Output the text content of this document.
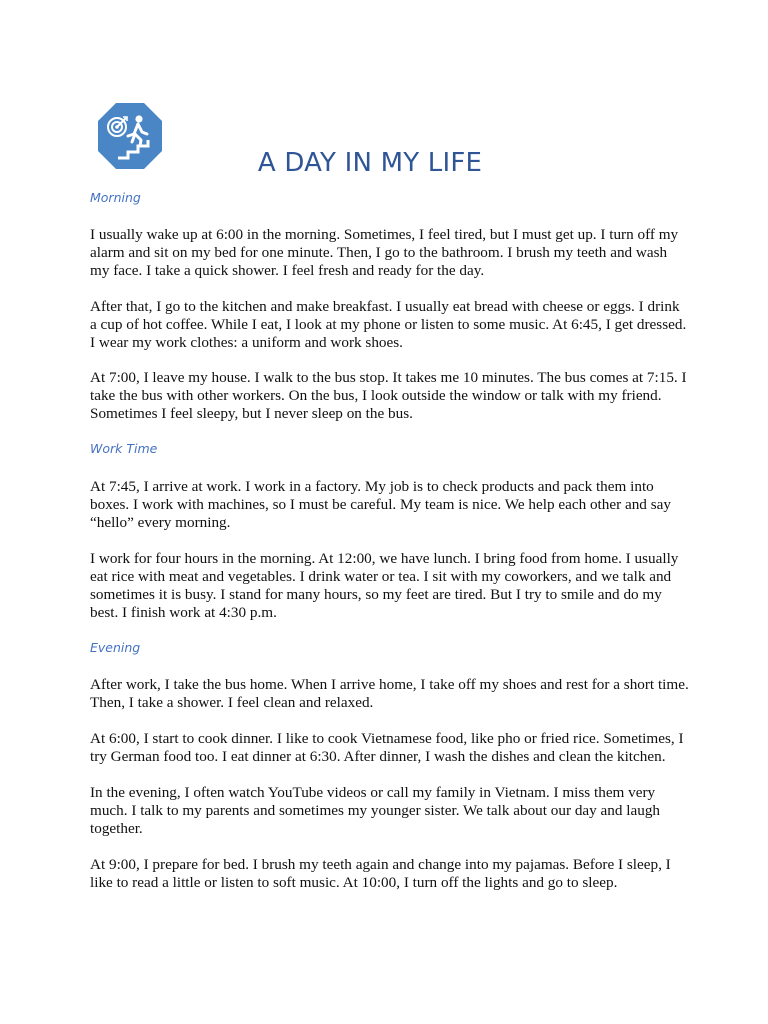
A DAY IN MY LIFE
Morning

I usually wake up at 6:00 in the morning. Sometimes, I feel tired, but I must get up. I turn off my alarm and sit on my bed for one minute. Then, I go to the bathroom. I brush my teeth and wash my face. I take a quick shower. I feel fresh and ready for the day.

After that, I go to the kitchen and make breakfast. I usually eat bread with cheese or eggs. I drink a cup of hot coffee. While I eat, I look at my phone or listen to some music. At 6:45, I get dressed. I wear my work clothes: a uniform and work shoes.

At 7:00, I leave my house. I walk to the bus stop. It takes me 10 minutes. The bus comes at 7:15. I take the bus with other workers. On the bus, I look outside the window or talk with my friend. Sometimes I feel sleepy, but I never sleep on the bus.

Work Time

At 7:45, I arrive at work. I work in a factory. My job is to check products and pack them into boxes. I work with machines, so I must be careful. My team is nice. We help each other and say “hello” every morning.

I work for four hours in the morning. At 12:00, we have lunch. I bring food from home. I usually eat rice with meat and vegetables. I drink water or tea. I sit with my coworkers, and we talk and sometimes it is busy. I stand for many hours, so my feet are tired. But I try to smile and do my best. I finish work at 4:30 p.m.

Evening

After work, I take the bus home. When I arrive home, I take off my shoes and rest for a short time. Then, I take a shower. I feel clean and relaxed.

At 6:00, I start to cook dinner. I like to cook Vietnamese food, like pho or fried rice. Sometimes, I try German food too. I eat dinner at 6:30. After dinner, I wash the dishes and clean the kitchen.

In the evening, I often watch YouTube videos or call my family in Vietnam. I miss them very much. I talk to my parents and sometimes my younger sister. We talk about our day and laugh together.

At 9:00, I prepare for bed. I brush my teeth again and change into my pajamas. Before I sleep, I like to read a little or listen to soft music. At 10:00, I turn off the lights and go to sleep.
